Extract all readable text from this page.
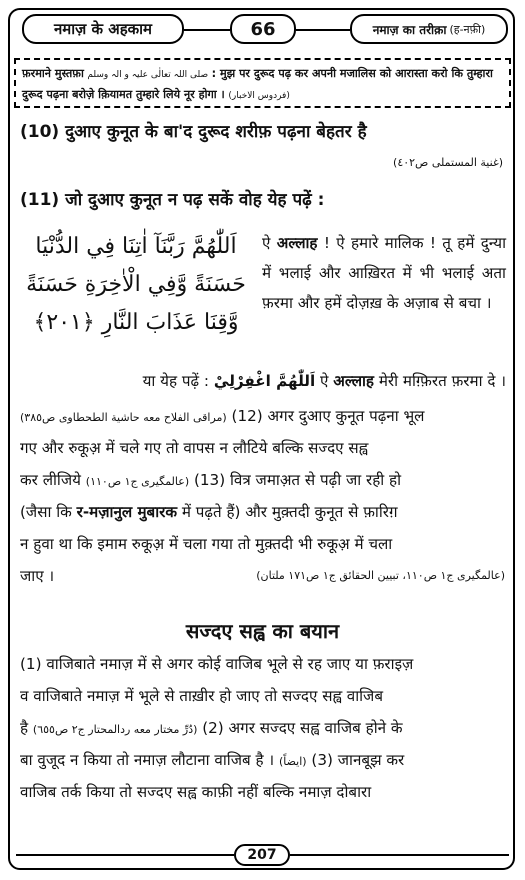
नमाज़ के अहकाम	66	नमाज़ का तरीक़ा (ह-नफ़ी)
फ़रमाने मुस्तफ़ा صلی اللہ تعالٰی علیہ و الہ وسلم : मुझ पर दुरूद पढ़ कर अपनी मजालिस को आरास्ता करो कि तुम्हारा
दुरूद पढ़ना बरोज़े क़ियामत तुम्हारे लिये नूर होगा । (فردوس الاخبار)
(10) दुआए कुनूत के बा'द दुरूद शरीफ़ पढ़ना बेहतर है
(غنية المستملى ص٤٠٢)
(11) जो दुआए कुनूत न पढ़ सकें वोह येह पढ़ें :
اَللّٰهُمَّ رَبَّنَآ اٰتِنَا فِي الدُّنْيَا
حَسَنَةً وَّفِي الْاٰخِرَةِ حَسَنَةً
وَّقِنَا عَذَابَ النَّارِ ﴿٢٠١﴾
ऐ अल्लाह ! ऐ हमारे मालिक ! तू हमें दुन्या में भलाई और आख़िरत में भी भलाई अता फ़रमा और हमें दोज़ख़ के अज़ाब से बचा ।
या येह पढ़ें : اَللّٰهُمَّ اغْفِرْلِيْ ऐ अल्लाह मेरी मग़्फ़िरत फ़रमा दे ।
(مراقی الفلاح معه حاشية الطحطاوى ص٣٨٥) (12) अगर दुआए कुनूत पढ़ना भूल
गए और रुकूअ़ में चले गए तो वापस न लौटिये बल्कि सज्दए सह्व
कर लीजिये (عالمگیری ج١ ص١١٠) (13) वित्र जमाअ़त से पढ़ी जा रही हो
(जैसा कि र-मज़ानुल मुबारक में पढ़ते हैं) और मुक़्तदी कुनूत से फ़ारिग़
न हुवा था कि इमाम रुकूअ़ में चला गया तो मुक़्तदी भी रुकूअ़ में चला
जाए ।	(عالمگیری ج١ ص١١٠، تبيين الحقائق ج١ ص١٧١ ملتان)
सज्दए सह्व का बयान
(1) वाजिबाते नमाज़ में से अगर कोई वाजिब भूले से रह जाए या फ़राइज़
व वाजिबाते नमाज़ में भूले से ताख़ीर हो जाए तो सज्दए सह्व वाजिब
है (دُرِّ مختار معه ردالمحتار ج٢ ص٦٥٥) (2) अगर सज्दए सह्व वाजिब होने के
बा वुजूद न किया तो नमाज़ लौटाना वाजिब है । (ايضاً) (3) जानबूझ कर
वाजिब तर्क किया तो सज्दए सह्व काफ़ी नहीं बल्कि नमाज़ दोबारा
207
